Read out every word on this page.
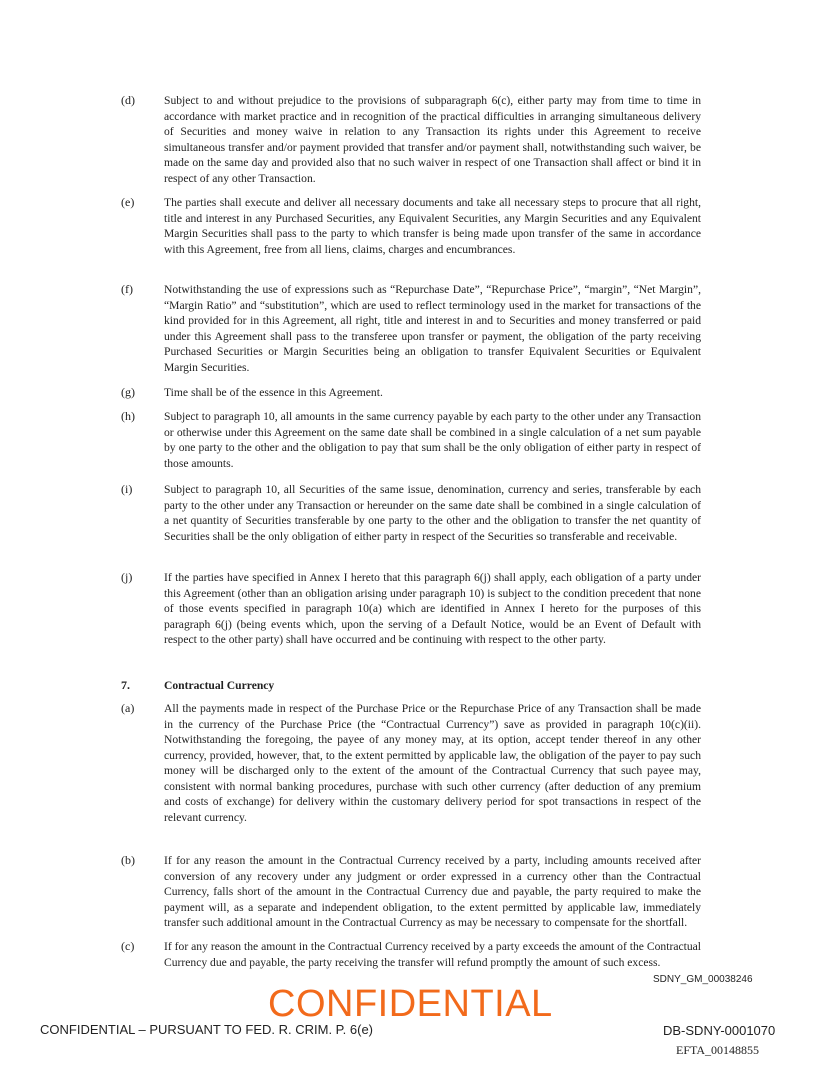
(d)	Subject to and without prejudice to the provisions of subparagraph 6(c), either party may from time to time in accordance with market practice and in recognition of the practical difficulties in arranging simultaneous delivery of Securities and money waive in relation to any Transaction its rights under this Agreement to receive simultaneous transfer and/or payment provided that transfer and/or payment shall, notwithstanding such waiver, be made on the same day and provided also that no such waiver in respect of one Transaction shall affect or bind it in respect of any other Transaction.
(e)	The parties shall execute and deliver all necessary documents and take all necessary steps to procure that all right, title and interest in any Purchased Securities, any Equivalent Securities, any Margin Securities and any Equivalent Margin Securities shall pass to the party to which transfer is being made upon transfer of the same in accordance with this Agreement, free from all liens, claims, charges and encumbrances.
(f)	Notwithstanding the use of expressions such as “Repurchase Date”, “Repurchase Price”, “margin”, “Net Margin”, “Margin Ratio” and “substitution”, which are used to reflect terminology used in the market for transactions of the kind provided for in this Agreement, all right, title and interest in and to Securities and money transferred or paid under this Agreement shall pass to the transferee upon transfer or payment, the obligation of the party receiving Purchased Securities or Margin Securities being an obligation to transfer Equivalent Securities or Equivalent Margin Securities.
(g)	Time shall be of the essence in this Agreement.
(h)	Subject to paragraph 10, all amounts in the same currency payable by each party to the other under any Transaction or otherwise under this Agreement on the same date shall be combined in a single calculation of a net sum payable by one party to the other and the obligation to pay that sum shall be the only obligation of either party in respect of those amounts.
(i)	Subject to paragraph 10, all Securities of the same issue, denomination, currency and series, transferable by each party to the other under any Transaction or hereunder on the same date shall be combined in a single calculation of a net quantity of Securities transferable by one party to the other and the obligation to transfer the net quantity of Securities shall be the only obligation of either party in respect of the Securities so transferable and receivable.
(j)	If the parties have specified in Annex I hereto that this paragraph 6(j) shall apply, each obligation of a party under this Agreement (other than an obligation arising under paragraph 10) is subject to the condition precedent that none of those events specified in paragraph 10(a) which are identified in Annex I hereto for the purposes of this paragraph 6(j) (being events which, upon the serving of a Default Notice, would be an Event of Default with respect to the other party) shall have occurred and be continuing with respect to the other party.
7.	Contractual Currency
(a)	All the payments made in respect of the Purchase Price or the Repurchase Price of any Transaction shall be made in the currency of the Purchase Price (the “Contractual Currency”) save as provided in paragraph 10(c)(ii). Notwithstanding the foregoing, the payee of any money may, at its option, accept tender thereof in any other currency, provided, however, that, to the extent permitted by applicable law, the obligation of the payer to pay such money will be discharged only to the extent of the amount of the Contractual Currency that such payee may, consistent with normal banking procedures, purchase with such other currency (after deduction of any premium and costs of exchange) for delivery within the customary delivery period for spot transactions in respect of the relevant currency.
(b)	If for any reason the amount in the Contractual Currency received by a party, including amounts received after conversion of any recovery under any judgment or order expressed in a currency other than the Contractual Currency, falls short of the amount in the Contractual Currency due and payable, the party required to make the payment will, as a separate and independent obligation, to the extent permitted by applicable law, immediately transfer such additional amount in the Contractual Currency as may be necessary to compensate for the shortfall.
(c)	If for any reason the amount in the Contractual Currency received by a party exceeds the amount of the Contractual Currency due and payable, the party receiving the transfer will refund promptly the amount of such excess.
SDNY_GM_00038246
CONFIDENTIAL
CONFIDENTIAL – PURSUANT TO FED. R. CRIM. P. 6(e)	DB-SDNY-0001070
EFTA_00148855
